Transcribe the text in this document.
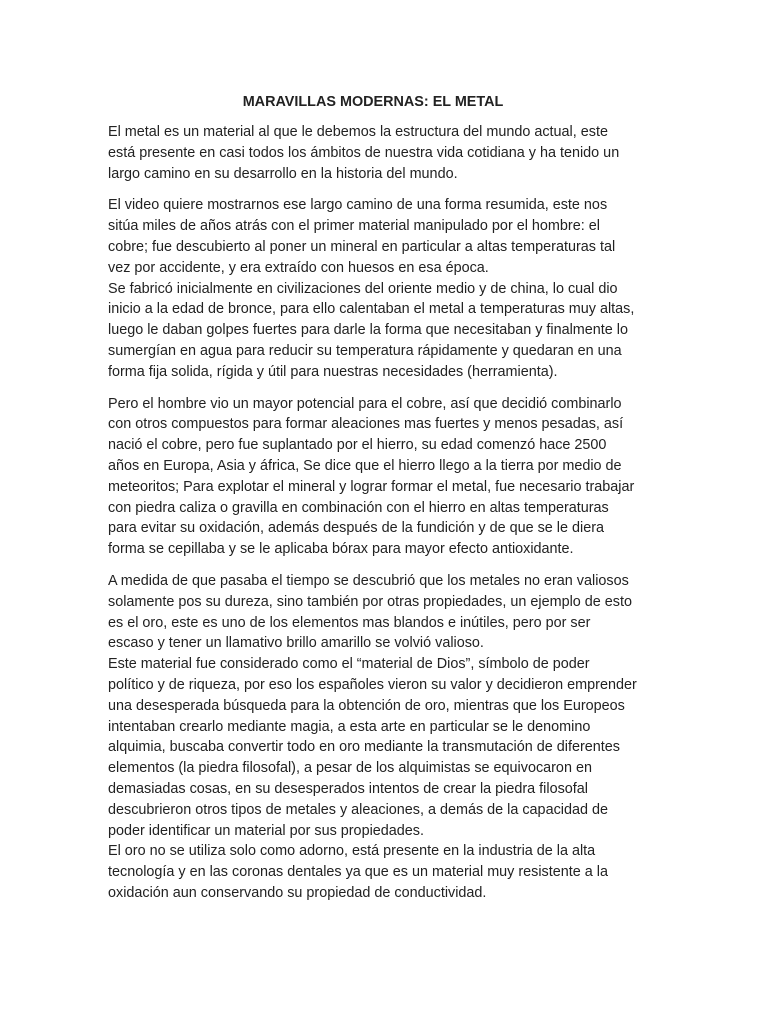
MARAVILLAS MODERNAS: EL METAL
El metal es un material al que le debemos la estructura del mundo actual, este
está presente en casi todos los ámbitos de nuestra vida cotidiana y ha tenido un
largo camino en su desarrollo en la historia del mundo.
El video quiere mostrarnos ese largo camino de una forma resumida, este nos
sitúa miles de años atrás con el primer material manipulado por el hombre: el
cobre; fue descubierto al poner un mineral en particular a altas temperaturas tal
vez por accidente, y era extraído con huesos en esa época.
Se fabricó inicialmente en civilizaciones del oriente medio y de china, lo cual dio
inicio a la edad de bronce, para ello calentaban el metal a temperaturas muy altas,
luego le daban golpes fuertes para darle la forma que necesitaban y finalmente lo
sumergían en agua para reducir su temperatura rápidamente y quedaran en una
forma fija solida, rígida y útil para nuestras necesidades (herramienta).
Pero el hombre vio un mayor potencial para el cobre, así que decidió combinarlo
con otros compuestos para formar aleaciones mas fuertes y menos pesadas, así
nació el cobre, pero fue suplantado por el hierro, su edad comenzó hace 2500
años en Europa, Asia y áfrica, Se dice que el hierro llego a la tierra por medio de
meteoritos; Para explotar el mineral y lograr formar el metal, fue necesario trabajar
con piedra caliza o gravilla en combinación con el hierro en altas temperaturas
para evitar su oxidación, además después de la fundición y de que se le diera
forma se cepillaba y se le aplicaba bórax para mayor efecto antioxidante.
A medida de que pasaba el tiempo se descubrió que los metales no eran valiosos
solamente pos su dureza, sino también por otras propiedades, un ejemplo de esto
es el oro, este es uno de los elementos mas blandos e inútiles, pero por ser
escaso y tener un llamativo brillo amarillo se volvió valioso.
Este material fue considerado como el “material de Dios”, símbolo de poder
político y de riqueza, por eso los españoles vieron su valor y decidieron emprender
una desesperada búsqueda para la obtención de oro, mientras que los Europeos
intentaban crearlo mediante magia, a esta arte en particular se le denomino
alquimia, buscaba convertir todo en oro mediante la transmutación de diferentes
elementos (la piedra filosofal), a pesar de los alquimistas se equivocaron en
demasiadas cosas, en su desesperados intentos de crear la piedra filosofal
descubrieron otros tipos de metales y aleaciones, a demás de la capacidad de
poder identificar un material por sus propiedades.
El oro no se utiliza solo como adorno, está presente en la industria de la alta
tecnología y en las coronas dentales ya que es un material muy resistente a la
oxidación aun conservando su propiedad de conductividad.
